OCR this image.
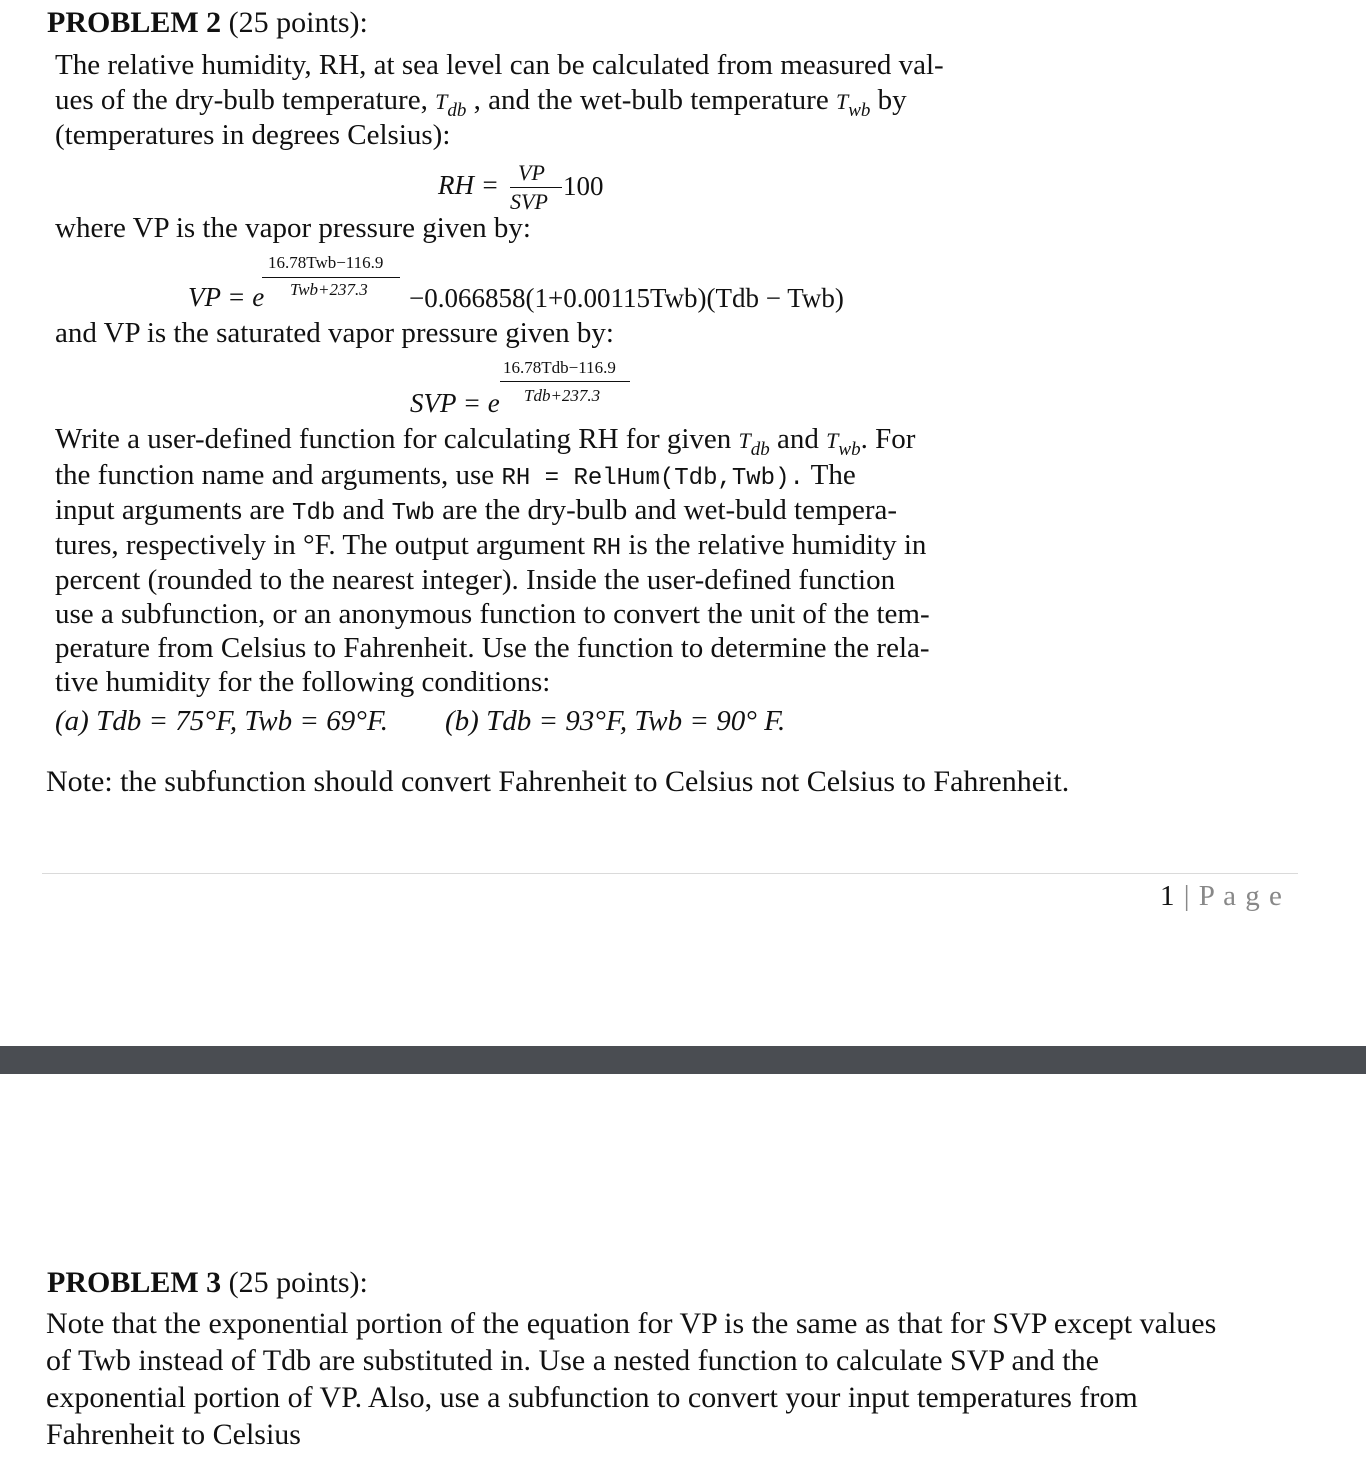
PROBLEM 2 (25 points):
The relative humidity, RH, at sea level can be calculated from measured val-
ues of the dry-bulb temperature, Tdb , and the wet-bulb temperature Twb by
(temperatures in degrees Celsius):
RH = VP
SVP
100
where VP is the vapor pressure given by:
16.78Twb−116.9
Twb+237.3
VP = e	−0.066858(1+0.00115Twb)(Tdb − Twb)
and VP is the saturated vapor pressure given by:
16.78Tdb−116.9
Tdb+237.3
SVP = e
Write a user-defined function for calculating RH for given Tdb and Twb. For
the function name and arguments, use RH = RelHum(Tdb,Twb). The
input arguments are Tdb and Twb are the dry-bulb and wet-buld tempera-
tures, respectively in °F. The output argument RH is the relative humidity in
percent (rounded to the nearest integer). Inside the user-defined function
use a subfunction, or an anonymous function to convert the unit of the tem-
perature from Celsius to Fahrenheit. Use the function to determine the rela-
tive humidity for the following conditions:
(a) Tdb = 75°F, Twb = 69°F. (b) Tdb = 93°F, Twb = 90° F.
Note: the subfunction should convert Fahrenheit to Celsius not Celsius to Fahrenheit.
1 | P a g e
PROBLEM 3 (25 points):
Note that the exponential portion of the equation for VP is the same as that for SVP except values
of Twb instead of Tdb are substituted in. Use a nested function to calculate SVP and the
exponential portion of VP. Also, use a subfunction to convert your input temperatures from
Fahrenheit to Celsius
